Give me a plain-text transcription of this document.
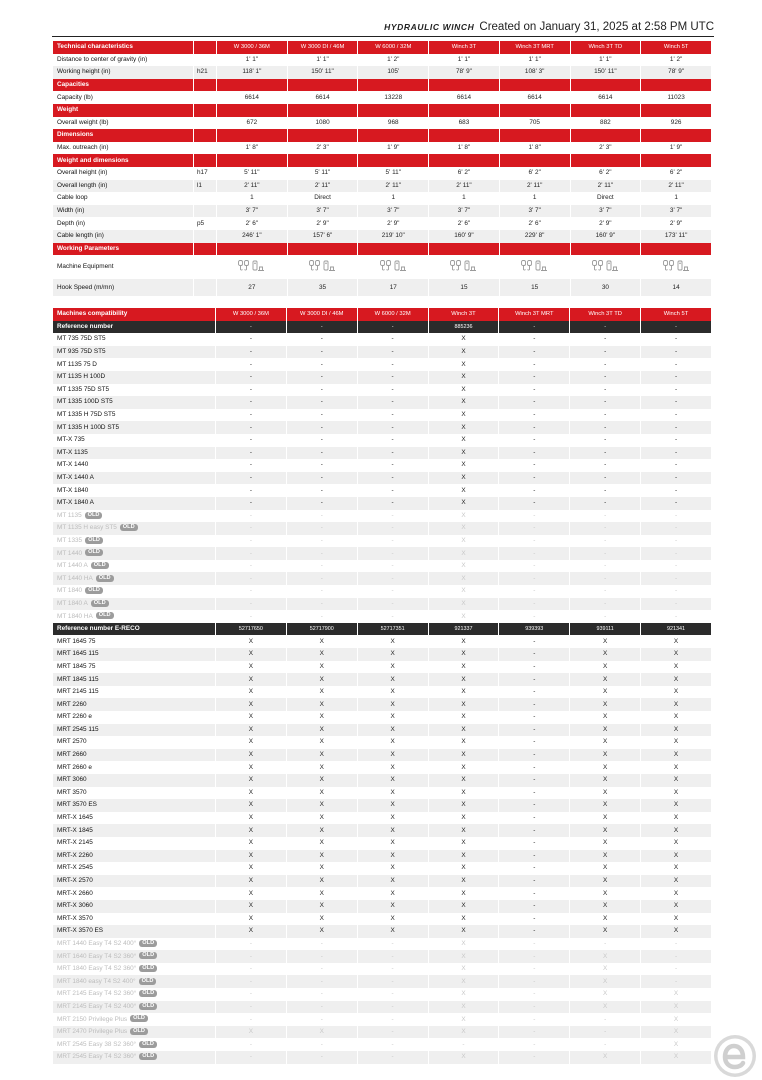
HYDRAULIC WINCH Created on January 31, 2025 at 2:58 PM UTC
Technical characteristics		W 3000 / 36M	W 3000 DI / 46M	W 6000 / 32M	Winch 3T	Winch 3T MRT	Winch 3T TD	Winch 5T
Distance to center of gravity (in)		1' 1"	1' 1"	1' 2"	1' 1"	1' 1"	1' 1"	1' 2"
Working height (in)	h21	118' 1"	150' 11"	105'	78' 9"	108' 3"	150' 11"	78' 9"
Capacities								
Capacity (lb)		6614	6614	13228	6614	6614	6614	11023
Weight								
Overall weight (lb)		672	1080	968	683	705	882	926
Dimensions								
Max. outreach (in)		1' 8"	2' 3"	1' 9"	1' 8"	1' 8"	2' 3"	1' 9"
Weight and dimensions								
Overall height (in)	h17	5' 11"	5' 11"	5' 11"	6' 2"	6' 2"	6' 2"	6' 2"
Overall length (in)	l1	2' 11"	2' 11"	2' 11"	2' 11"	2' 11"	2' 11"	2' 11"
Cable loop		1	Direct	1	1	1	Direct	1
Width (in)		3' 7"	3' 7"	3' 7"	3' 7"	3' 7"	3' 7"	3' 7"
Depth (in)	p5	2' 6"	2' 9"	2' 9"	2' 6"	2' 6"	2' 9"	2' 9"
Cable length (in)		246' 1"	157' 6"	219' 10"	160' 9"	229' 8"	160' 9"	173' 11"
Working Parameters								
Machine Equipment		

Hook Speed (m/mn)		27	35	17	15	15	30	14
Machines compatibility	W 3000 / 36M	W 3000 DI / 46M	W 6000 / 32M	Winch 3T	Winch 3T MRT	Winch 3T TD	Winch 5T
Reference number	-	-	-	885236	-	-	-
MT 735 75D ST5	-	-	-	X	-	-	-
MT 935 75D ST5	-	-	-	X	-	-	-
MT 1135 75 D	-	-	-	X	-	-	-
MT 1135 H 100D	-	-	-	X	-	-	-
MT 1335 75D ST5	-	-	-	X	-	-	-
MT 1335 100D ST5	-	-	-	X	-	-	-
MT 1335 H 75D ST5	-	-	-	X	-	-	-
MT 1335 H 100D ST5	-	-	-	X	-	-	-
MT-X 735	-	-	-	X	-	-	-
MT-X 1135	-	-	-	X	-	-	-
MT-X 1440	-	-	-	X	-	-	-
MT-X 1440 A	-	-	-	X	-	-	-
MT-X 1840	-	-	-	X	-	-	-
MT-X 1840 A	-	-	-	X	-	-	-
MT 1135 OLD	-	-	-	X	-	-	-
MT 1135 H easy ST5 OLD	-	-	-	X	-	-	-
MT 1335 OLD	-	-	-	X	-	-	-
MT 1440 OLD	-	-	-	X	-	-	-
MT 1440 A OLD	-	-	-	X	-	-	-
MT 1440 HA OLD	-	-	-	X	-	-	-
MT 1840 OLD	-	-	-	X	-	-	-
MT 1840 A OLD	-	-	-	X	-	-	-
MT 1840 HA OLD	-	-	-	X	-	-	-
Reference number E-RECO	52717650	52717900	52717351	921337	939393	939111	921341
MRT 1645 75	X	X	X	X	-	X	X
MRT 1645 115	X	X	X	X	-	X	X
MRT 1845 75	X	X	X	X	-	X	X
MRT 1845 115	X	X	X	X	-	X	X
MRT 2145 115	X	X	X	X	-	X	X
MRT 2260	X	X	X	X	-	X	X
MRT 2260 e	X	X	X	X	-	X	X
MRT 2545 115	X	X	X	X	-	X	X
MRT 2570	X	X	X	X	-	X	X
MRT 2660	X	X	X	X	-	X	X
MRT 2660 e	X	X	X	X	-	X	X
MRT 3060	X	X	X	X	-	X	X
MRT 3570	X	X	X	X	-	X	X
MRT 3570 ES	X	X	X	X	-	X	X
MRT-X 1645	X	X	X	X	-	X	X
MRT-X 1845	X	X	X	X	-	X	X
MRT-X 2145	X	X	X	X	-	X	X
MRT-X 2260	X	X	X	X	-	X	X
MRT-X 2545	X	X	X	X	-	X	X
MRT-X 2570	X	X	X	X	-	X	X
MRT-X 2660	X	X	X	X	-	X	X
MRT-X 3060	X	X	X	X	-	X	X
MRT-X 3570	X	X	X	X	-	X	X
MRT-X 3570 ES	X	X	X	X	-	X	X
MRT 1440 Easy T4 S2 400° OLD	-	-	-	X	-	-	-
MRT 1640 Easy T4 S2 360° OLD	-	-	-	X	-	X	-
MRT 1840 Easy T4 S2 360° OLD	-	-	-	X	-	X	-
MRT 1840 easy T4 S2 400° OLD	-	-	-	X	-	X	-
MRT 2145 Easy T4 S2 360° OLD	-	-	-	X	-	X	X
MRT 2145 Easy T4 S2 400° OLD	-	-	-	X	-	X	X
MRT 2150 Privilege Plus OLD	-	-	-	X	-	-	X
MRT 2470 Privilege Plus OLD	X	X	-	X	-	-	X
MRT 2545 Easy 38 S2 360° OLD	-	-	-	-	-	-	X
MRT 2545 Easy T4 S2 360° OLD	-	-	-	X	-	X	X
